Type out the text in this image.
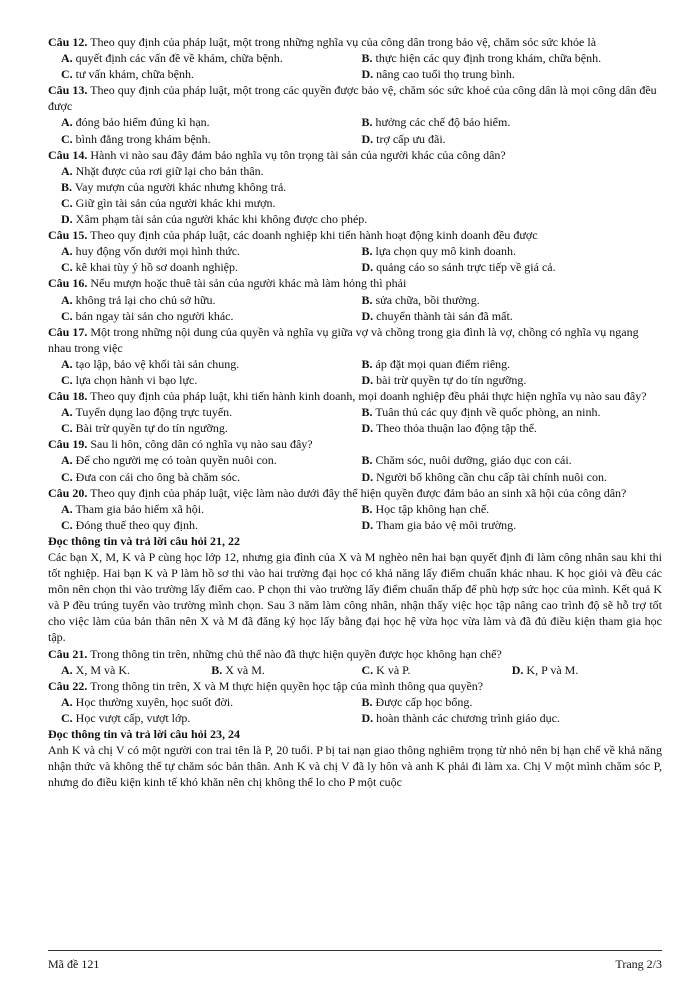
Câu 12. Theo quy định của pháp luật, một trong những nghĩa vụ của công dân trong bảo vệ, chăm sóc sức khỏe là

A. quyết định các vấn đề về khám, chữa bệnh.	B. thực hiện các quy định trong khám, chữa bệnh.
C. tư vấn khám, chữa bệnh.	D. nâng cao tuổi thọ trung bình.

Câu 13. Theo quy định của pháp luật, một trong các quyền được bảo vệ, chăm sóc sức khoẻ của công dân là mọi công dân đều được

A. đóng bảo hiểm đúng kì hạn.	B. hưởng các chế độ bảo hiểm.
C. bình đẳng trong khám bệnh.	D. trợ cấp ưu đãi.

Câu 14. Hành vi nào sau đây đảm bảo nghĩa vụ tôn trọng tài sản của người khác của công dân?

A. Nhặt được của rơi giữ lại cho bản thân.
B. Vay mượn của người khác nhưng không trả.
C. Giữ gìn tài sản của người khác khi mượn.
D. Xâm phạm tài sản của người khác khi không được cho phép.

Câu 15. Theo quy định của pháp luật, các doanh nghiệp khi tiến hành hoạt động kinh doanh đều được

A. huy động vốn dưới mọi hình thức.	B. lựa chọn quy mô kinh doanh.
C. kê khai tùy ý hồ sơ doanh nghiệp.	D. quảng cáo so sánh trực tiếp về giá cả.

Câu 16. Nếu mượn hoặc thuê tài sản của người khác mà làm hỏng thì phải

A. không trả lại cho chủ sở hữu.	B. sửa chữa, bồi thường.
C. bán ngay tài sản cho người khác.	D. chuyển thành tài sản đã mất.

Câu 17. Một trong những nội dung của quyền và nghĩa vụ giữa vợ và chồng trong gia đình là vợ, chồng có nghĩa vụ ngang nhau trong việc

A. tạo lập, bảo vệ khối tài sản chung.	B. áp đặt mọi quan điểm riêng.
C. lựa chọn hành vi bạo lực.	D. bài trừ quyền tự do tín ngưỡng.

Câu 18. Theo quy định của pháp luật, khi tiến hành kinh doanh, mọi doanh nghiệp đều phải thực hiện nghĩa vụ nào sau đây?

A. Tuyển dụng lao động trực tuyến.	B. Tuân thủ các quy định về quốc phòng, an ninh.
C. Bài trừ quyền tự do tín ngưỡng.	D. Theo thỏa thuận lao động tập thể.

Câu 19. Sau li hôn, công dân có nghĩa vụ nào sau đây?

A. Để cho người mẹ có toàn quyền nuôi con.	B. Chăm sóc, nuôi dưỡng, giáo dục con cái.
C. Đưa con cái cho ông bà chăm sóc.	D. Người bố không cần chu cấp tài chính nuôi con.

Câu 20. Theo quy định của pháp luật, việc làm nào dưới đây thể hiện quyền được đảm bảo an sinh xã hội của công dân?

A. Tham gia bảo hiểm xã hội.	B. Học tập không hạn chế.
C. Đóng thuế theo quy định.	D. Tham gia bảo vệ môi trường.

Đọc thông tin và trả lời câu hỏi 21, 22

Các bạn X, M, K và P cùng học lớp 12, nhưng gia đình của X và M nghèo nên hai bạn quyết định đi làm công nhân sau khi thi tốt nghiệp. Hai bạn K và P làm hồ sơ thi vào hai trường đại học có khả năng lấy điểm chuẩn khác nhau. K học giỏi và đều các môn nên chọn thi vào trường lấy điểm cao. P chọn thi vào trường lấy điểm chuẩn thấp để phù hợp sức học của mình. Kết quả K và P đều trúng tuyển vào trường mình chọn. Sau 3 năm làm công nhân, nhận thấy việc học tập nâng cao trình độ sẽ hỗ trợ tốt cho việc làm của bản thân nên X và M đã đăng ký học lấy bằng đại học hệ vừa học vừa làm và đã đủ điều kiện tham gia học tập.

Câu 21. Trong thông tin trên, những chủ thể nào đã thực hiện quyền được học không hạn chế?

A. X, M và K.	B. X và M.	C. K và P.	D. K, P và M.

Câu 22. Trong thông tin trên, X và M thực hiện quyền học tập của mình thông qua quyền?

A. Học thường xuyên, học suốt đời.	B. Được cấp học bổng.
C. Học vượt cấp, vượt lớp.	D. hoàn thành các chương trình giáo dục.

Đọc thông tin và trả lời câu hỏi 23, 24

Anh K và chị V có một người con trai tên là P, 20 tuổi. P bị tai nạn giao thông nghiêm trọng từ nhỏ nên bị hạn chế về khả năng nhận thức và không thể tự chăm sóc bản thân. Anh K và chị V đã ly hôn và anh K phải đi làm xa. Chị V một mình chăm sóc P, nhưng do điều kiện kinh tế khó khăn nên chị không thể lo cho P một cuộc

Mã đề 121	Trang 2/3
